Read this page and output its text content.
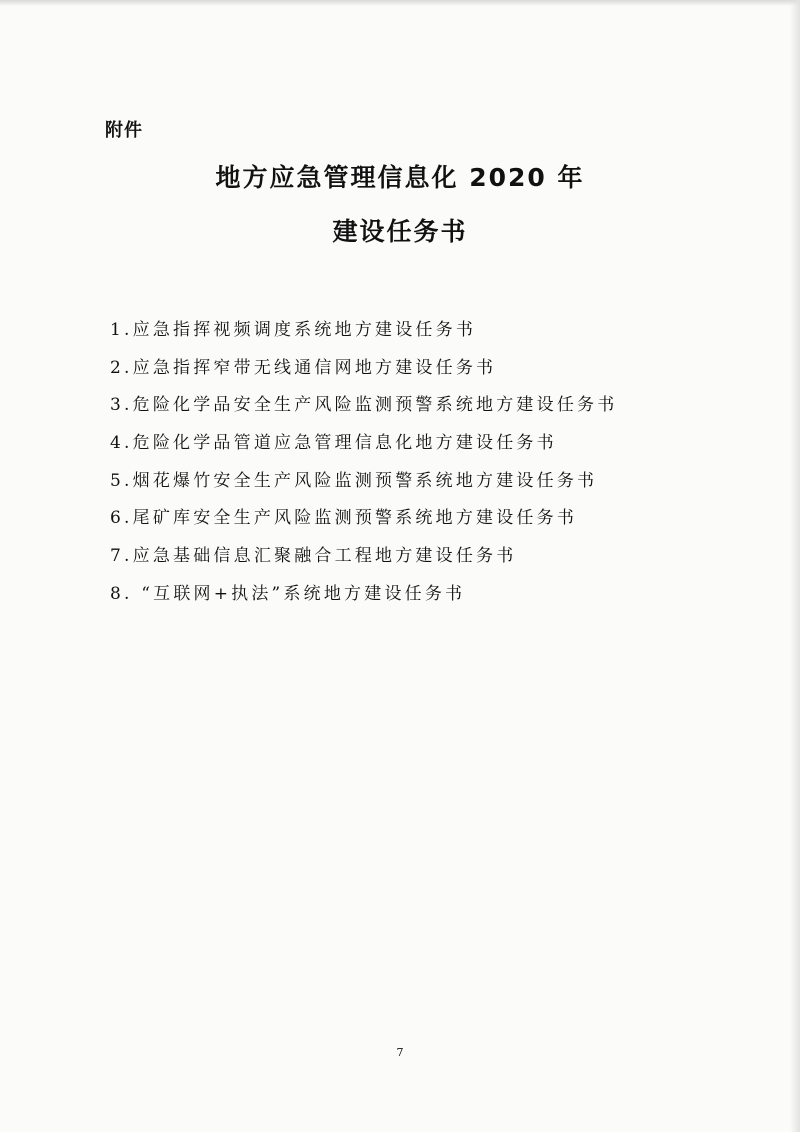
附件
地方应急管理信息化 2020 年
建设任务书
1.应急指挥视频调度系统地方建设任务书
2.应急指挥窄带无线通信网地方建设任务书
3.危险化学品安全生产风险监测预警系统地方建设任务书
4.危险化学品管道应急管理信息化地方建设任务书
5.烟花爆竹安全生产风险监测预警系统地方建设任务书
6.尾矿库安全生产风险监测预警系统地方建设任务书
7.应急基础信息汇聚融合工程地方建设任务书
8. “互联网+执法”系统地方建设任务书
7
